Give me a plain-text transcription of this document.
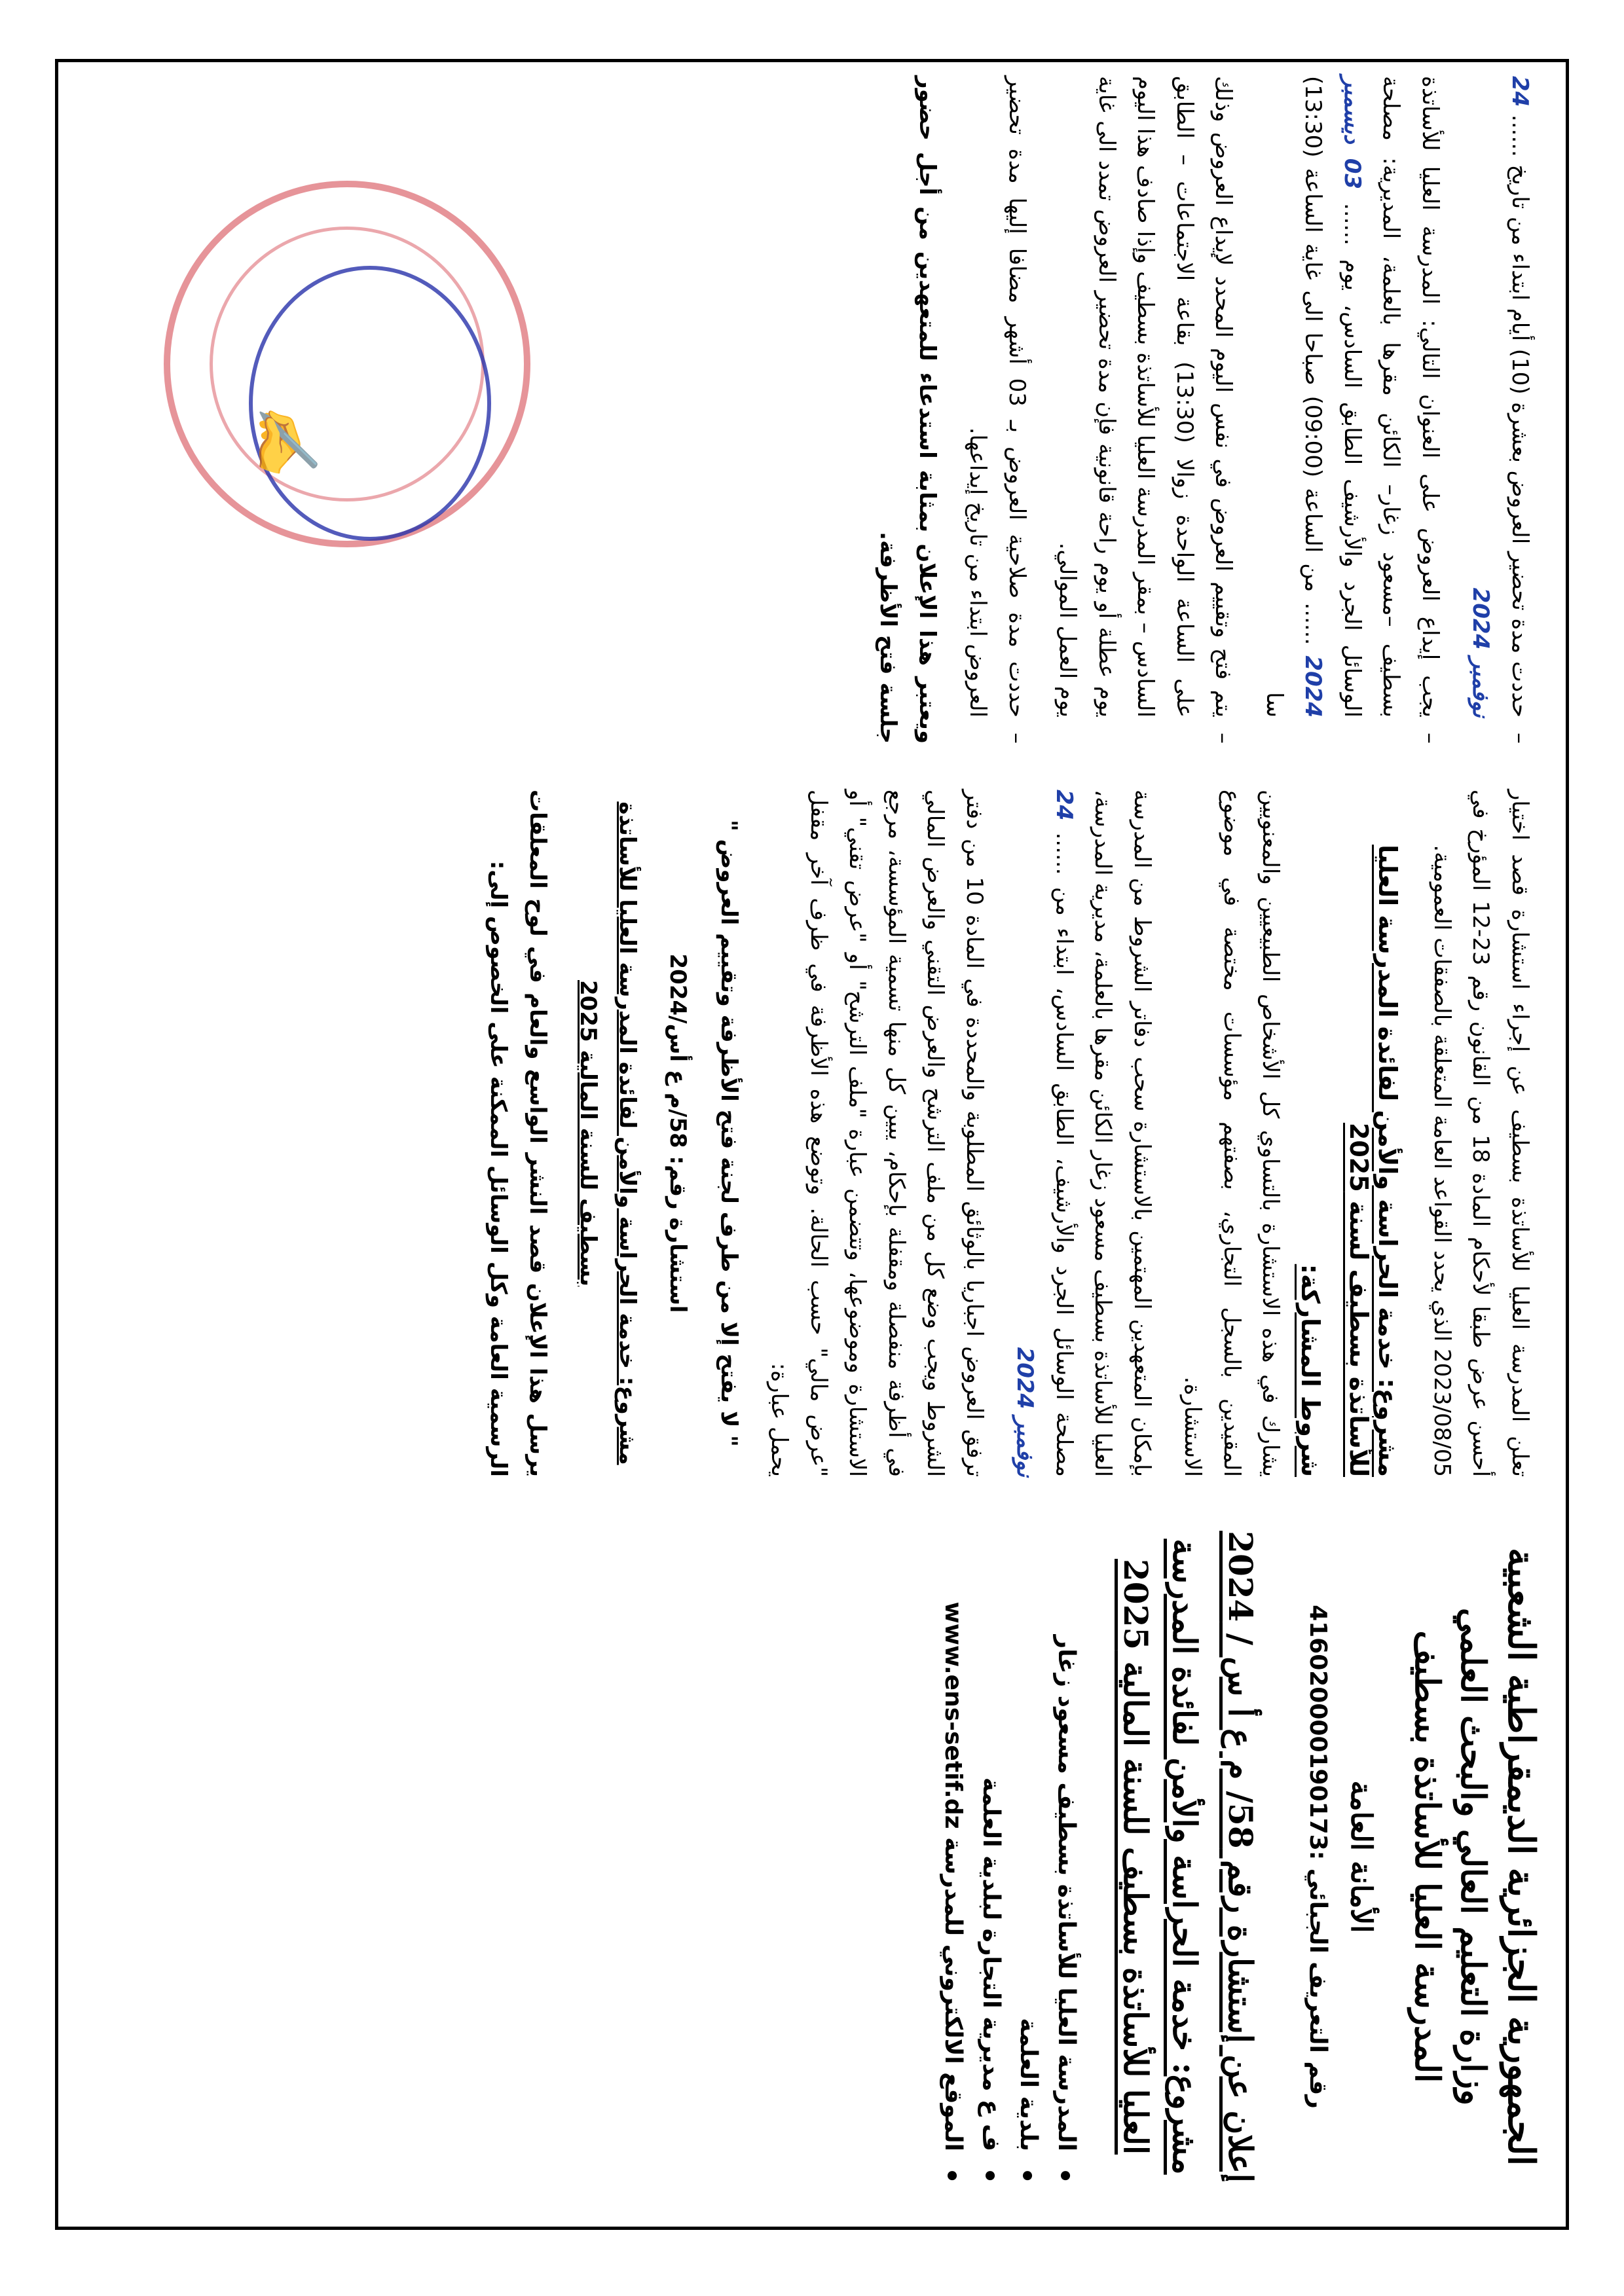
الجمهورية الجزائرية الديمقراطية الشعبية

وزارة التعليم العالي والبحث العلمي

المدرسة العليا للأساتذة بسطيف

الأمانة العامة

رقم التعريف الجبائي :416020000190173

إعلان عن إستشارة رقم 58/ م ع أ س / 2024

مشروع: خدمة الحراسة والأمن لفائدة المدرسة العليا للأساتذة بسطيف للسنة المالية 2025

• المدرسة العليا للأساتذة بسطيف مسعود زغار
• بلدية العلمة
• ف ع مديرية التجارة لبلدية العلمة
• الموقع الالكتروني للمدرسة www.ens-setif.dz

تعلن المدرسة العليا للأساتذة بسطيف عن إجراء استشارة قصد اختيار أحسن عرض طبقا لأحكام المادة 18 من القانون رقم 23-12 المؤرخ في 2023/08/05 الذي يحدد القواعد العامة المتعلقة بالصفقات العمومية.

مشروع: خدمة الحراسة والأمن لفائدة المدرسة العليا للأساتذة بسطيف لسنة 2025

شروط المشاركة:

يشارك في هذه الاستشارة بالتساوي كل الأشخاص الطبيعيين والمعنويين المقيدين بالسجل التجاري، بصفتهم مؤسسات مختصة في موضوع الاستشارة.

بإمكان المتعهدين المهتمين بالاستشارة سحب دفاتر الشروط من المدرسة العليا للأساتذة بسطيف مسعود زغار الكائن مقرها بالعلمة، مديرية المدرسة، مصلحة الوسائل الجرد والأرشيف، الطابق السادس، ابتداء من ...... 24 نوفمبر 2024

ترفق العروض اجباريا بالوثائق المطلوبة والمحددة في المادة 10 من دفتر الشروط ويجب وضع كل من ملف الترشح والعرض التقني والعرض المالي في أظرفة منفصلة ومقفلة بإحكام، يبين كل منها تسمية المؤسسة، مرجع الاستشارة وموضوعها، وتتضمن عبارة "ملف الترشح" أو "عرض تقني" أو "عرض مالي" حسب الحالة. وتوضع هذه الأظرفة في ظرف آخر مقفل يحمل عبارة:

" لا يفتح إلا من طرف لجنة فتح الأظرفة وتقييم العروض "

استشارة رقم: 58/م ع أس/2024

مشروع: خدمة الحراسة والأمن لفائدة المدرسة العليا للأساتذة بسطيف للسنة المالية 2025

يرسل هذا الإعلان قصد النشر الواسع والعام في لوح المعلقات الرسمية العامة وكل الوسائل الممكنة على الخصوص إلى:

– حددت مدة تحضير العروض بعشرة (10) أيام ابتداء من تاريخ ...... 24 نوفمبر 2024

– يجب إيداع العروض على العنوان التالي: المدرسة العليا للأساتذة بسطيف –مسعود زغار– الكائن مقرها بالعلمة، المديرية: مصلحة الوسائل الجرد والأرشيف الطابق السادس، يوم ...... 03 ديسمبر 2024 ...... من الساعة (09:00) صباحا الى غاية الساعة (13:30) سا

– يتم فتح وتقييم العروض في نفس اليوم المحدد لإيداع العروض وذلك على الساعة الواحدة زوالا (13:30) بقاعة الاجتماعات – الطابق السادس – بمقر المدرسة العليا للأساتذة بسطيف وإذا صادف هذا اليوم يوم عطلة أو يوم راحة قانونية فإن مدة تحضير العروض تمدد الى غاية يوم العمل الموالي.

– حددت مدة صلاحية العروض بـ 03 أشهر مضافا إليها مدة تحضير العروض ابتداء من تاريخ إيداعها.

ويعتبر هذا الإعلان بمثابة استدعاء للمتعهدين من أجل حضور جلسة فتح الأظرفة.

✍
